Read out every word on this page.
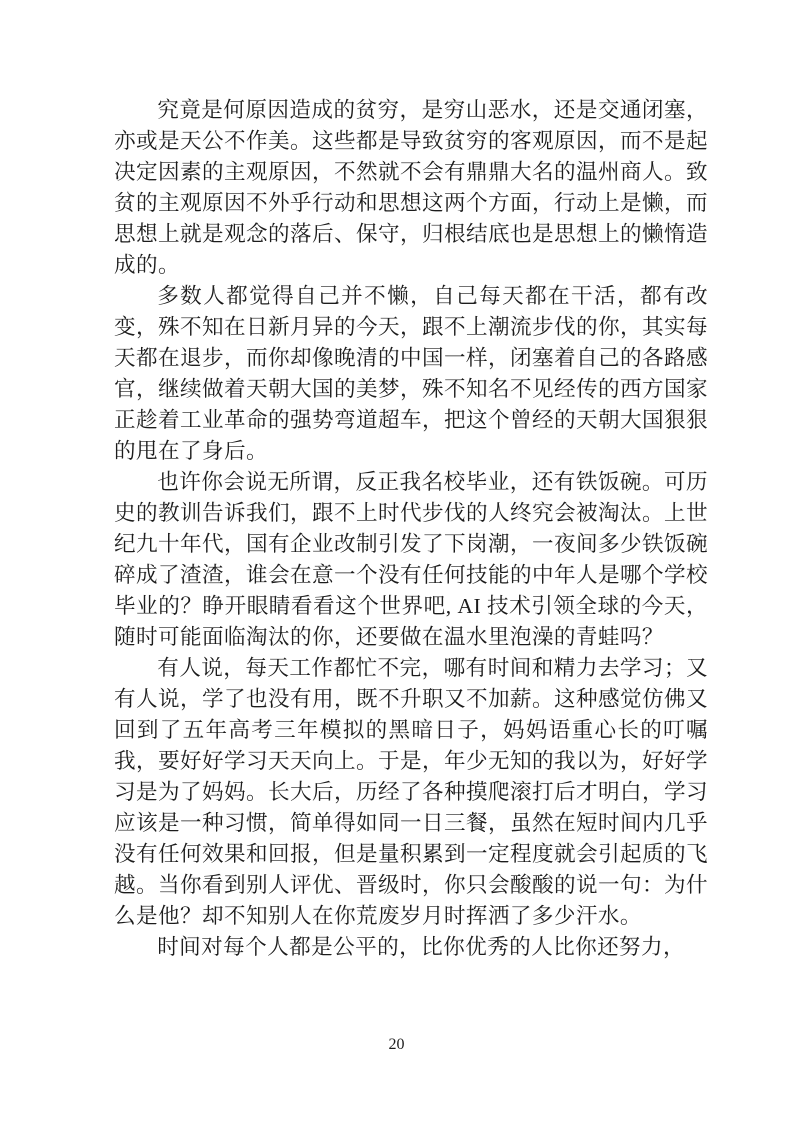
究竟是何原因造成的贫穷，是穷山恶水，还是交通闭塞，亦或是天公不作美。这些都是导致贫穷的客观原因，而不是起决定因素的主观原因，不然就不会有鼎鼎大名的温州商人。致贫的主观原因不外乎行动和思想这两个方面，行动上是懒，而思想上就是观念的落后、保守，归根结底也是思想上的懒惰造成的。

多数人都觉得自己并不懒，自己每天都在干活，都有改变，殊不知在日新月异的今天，跟不上潮流步伐的你，其实每天都在退步，而你却像晚清的中国一样，闭塞着自己的各路感官，继续做着天朝大国的美梦，殊不知名不见经传的西方国家正趁着工业革命的强势弯道超车，把这个曾经的天朝大国狠狠的甩在了身后。

也许你会说无所谓，反正我名校毕业，还有铁饭碗。可历史的教训告诉我们，跟不上时代步伐的人终究会被淘汰。上世纪九十年代，国有企业改制引发了下岗潮，一夜间多少铁饭碗碎成了渣渣，谁会在意一个没有任何技能的中年人是哪个学校毕业的？睁开眼睛看看这个世界吧, AI 技术引领全球的今天，随时可能面临淘汰的你，还要做在温水里泡澡的青蛙吗？

有人说，每天工作都忙不完，哪有时间和精力去学习；又有人说，学了也没有用，既不升职又不加薪。这种感觉仿佛又回到了五年高考三年模拟的黑暗日子，妈妈语重心长的叮嘱我，要好好学习天天向上。于是，年少无知的我以为，好好学习是为了妈妈。长大后，历经了各种摸爬滚打后才明白，学习应该是一种习惯，简单得如同一日三餐，虽然在短时间内几乎没有任何效果和回报，但是量积累到一定程度就会引起质的飞越。当你看到别人评优、晋级时，你只会酸酸的说一句：为什么是他？却不知别人在你荒废岁月时挥洒了多少汗水。

时间对每个人都是公平的，比你优秀的人比你还努力，

20
